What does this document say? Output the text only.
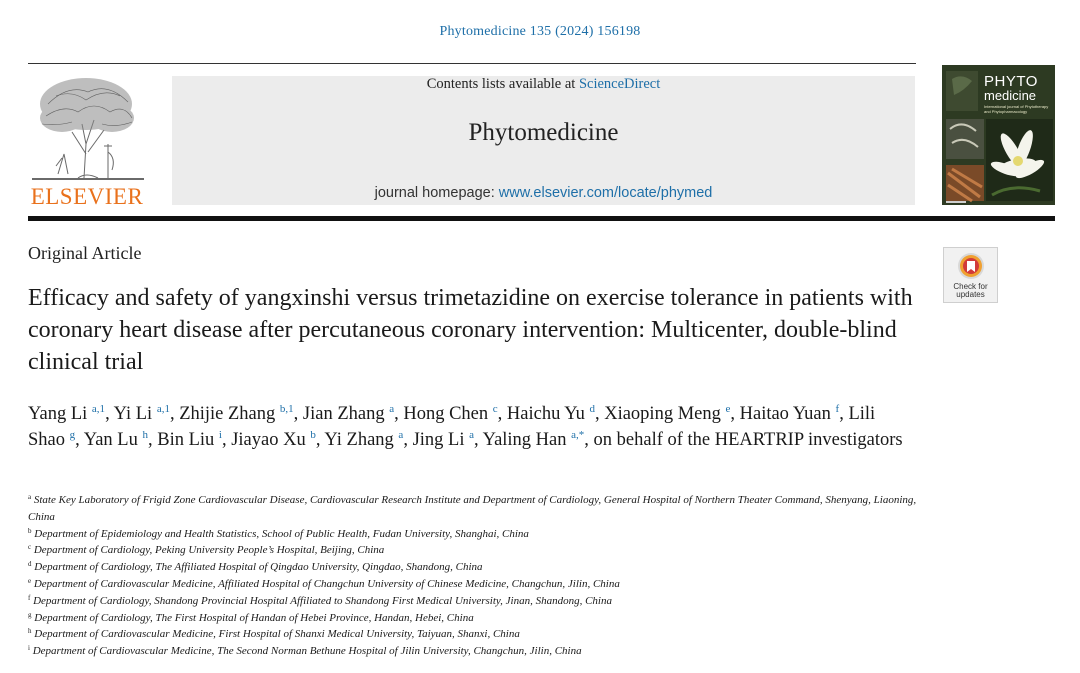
Phytomedicine 135 (2024) 156198
ELSEVIER
Contents lists available at ScienceDirect
Phytomedicine
journal homepage: www.elsevier.com/locate/phymed
PHYTO
medicine
International journal of Phytotherapy and Phytopharmacology
Check for
updates
Original Article
Efficacy and safety of yangxinshi versus trimetazidine on exercise tolerance in patients with coronary heart disease after percutaneous coronary intervention: Multicenter, double-blind clinical trial
Yang Li $^{a,1}$, Yi Li $^{a,1}$, Zhijie Zhang $^{b,1}$, Jian Zhang $^a$, Hong Chen $^c$, Haichu Yu $^d$, Xiaoping Meng $^e$, Haitao Yuan $^f$, Lili Shao $^g$, Yan Lu $^h$, Bin Liu $^i$, Jiayao Xu $^b$, Yi Zhang $^a$, Jing Li $^a$, Yaling Han $^{a,*}$, on behalf of the HEARTRIP investigators
$^a$ State Key Laboratory of Frigid Zone Cardiovascular Disease, Cardiovascular Research Institute and Department of Cardiology, General Hospital of Northern Theater Command, Shenyang, Liaoning, China
$^b$ Department of Epidemiology and Health Statistics, School of Public Health, Fudan University, Shanghai, China
$^c$ Department of Cardiology, Peking University People’s Hospital, Beijing, China
$^d$ Department of Cardiology, The Affiliated Hospital of Qingdao University, Qingdao, Shandong, China
$^e$ Department of Cardiovascular Medicine, Affiliated Hospital of Changchun University of Chinese Medicine, Changchun, Jilin, China
$^f$ Department of Cardiology, Shandong Provincial Hospital Affiliated to Shandong First Medical University, Jinan, Shandong, China
$^g$ Department of Cardiology, The First Hospital of Handan of Hebei Province, Handan, Hebei, China
$^h$ Department of Cardiovascular Medicine, First Hospital of Shanxi Medical University, Taiyuan, Shanxi, China
$^i$ Department of Cardiovascular Medicine, The Second Norman Bethune Hospital of Jilin University, Changchun, Jilin, China
